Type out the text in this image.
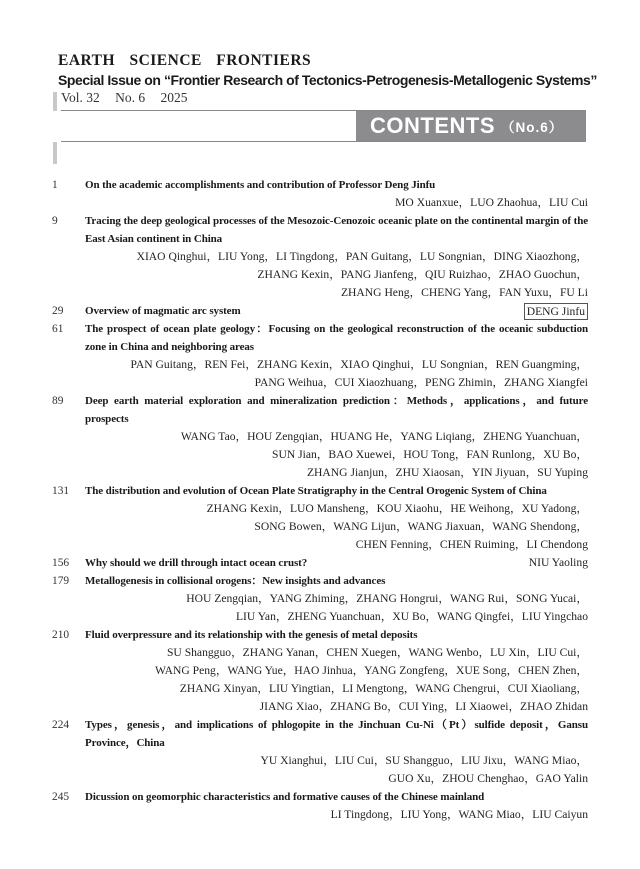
EARTH SCIENCE FRONTIERS
Special Issue on “Frontier Research of Tectonics-Petrogenesis-Metallogenic Systems”
Vol. 32 No. 6 2025
CONTENTS （No.6）
1	On the academic accomplishments and contribution of Professor Deng Jinfu
MO Xuanxue，LUO Zhaohua，LIU Cui
9	Tracing the deep geological processes of the Mesozoic-Cenozoic oceanic plate on the continental margin of the East Asian continent in China
XIAO Qinghui，LIU Yong，LI Tingdong，PAN Guitang，LU Songnian，DING Xiaozhong，
ZHANG Kexin，PANG Jianfeng，QIU Ruizhao，ZHAO Guochun，
ZHANG Heng，CHENG Yang，FAN Yuxu，FU Li
29	Overview of magmatic arc system	DENG Jinfu
61	The prospect of ocean plate geology：Focusing on the geological reconstruction of the oceanic subduction zone in China and neighboring areas
PAN Guitang，REN Fei，ZHANG Kexin，XIAO Qinghui，LU Songnian，REN Guangming，
PANG Weihua，CUI Xiaozhuang，PENG Zhimin，ZHANG Xiangfei
89	Deep earth material exploration and mineralization prediction：Methods，applications，and future prospects
WANG Tao，HOU Zengqian，HUANG He，YANG Liqiang，ZHENG Yuanchuan，
SUN Jian，BAO Xuewei，HOU Tong，FAN Runlong，XU Bo，
ZHANG Jianjun，ZHU Xiaosan，YIN Jiyuan，SU Yuping
131	The distribution and evolution of Ocean Plate Stratigraphy in the Central Orogenic System of China
ZHANG Kexin，LUO Mansheng，KOU Xiaohu，HE Weihong，XU Yadong，
SONG Bowen，WANG Lijun，WANG Jiaxuan，WANG Shendong，
CHEN Fenning，CHEN Ruiming，LI Chendong
156	Why should we drill through intact ocean crust?	NIU Yaoling
179	Metallogenesis in collisional orogens：New insights and advances
HOU Zengqian，YANG Zhiming，ZHANG Hongrui，WANG Rui，SONG Yucai，
LIU Yan，ZHENG Yuanchuan，XU Bo，WANG Qingfei，LIU Yingchao
210	Fluid overpressure and its relationship with the genesis of metal deposits
SU Shangguo，ZHANG Yanan，CHEN Xuegen，WANG Wenbo，LU Xin，LIU Cui，
WANG Peng，WANG Yue，HAO Jinhua，YANG Zongfeng，XUE Song，CHEN Zhen，
ZHANG Xinyan，LIU Yingtian，LI Mengtong，WANG Chengrui，CUI Xiaoliang，
JIANG Xiao，ZHANG Bo，CUI Ying，LI Xiaowei，ZHAO Zhidan
224	Types，genesis，and implications of phlogopite in the Jinchuan Cu-Ni（Pt）sulfide deposit，Gansu Province，China
YU Xianghui，LIU Cui，SU Shangguo，LIU Jixu，WANG Miao，
GUO Xu，ZHOU Chenghao，GAO Yalin
245	Dicussion on geomorphic characteristics and formative causes of the Chinese mainland
LI Tingdong，LIU Yong，WANG Miao，LIU Caiyun
